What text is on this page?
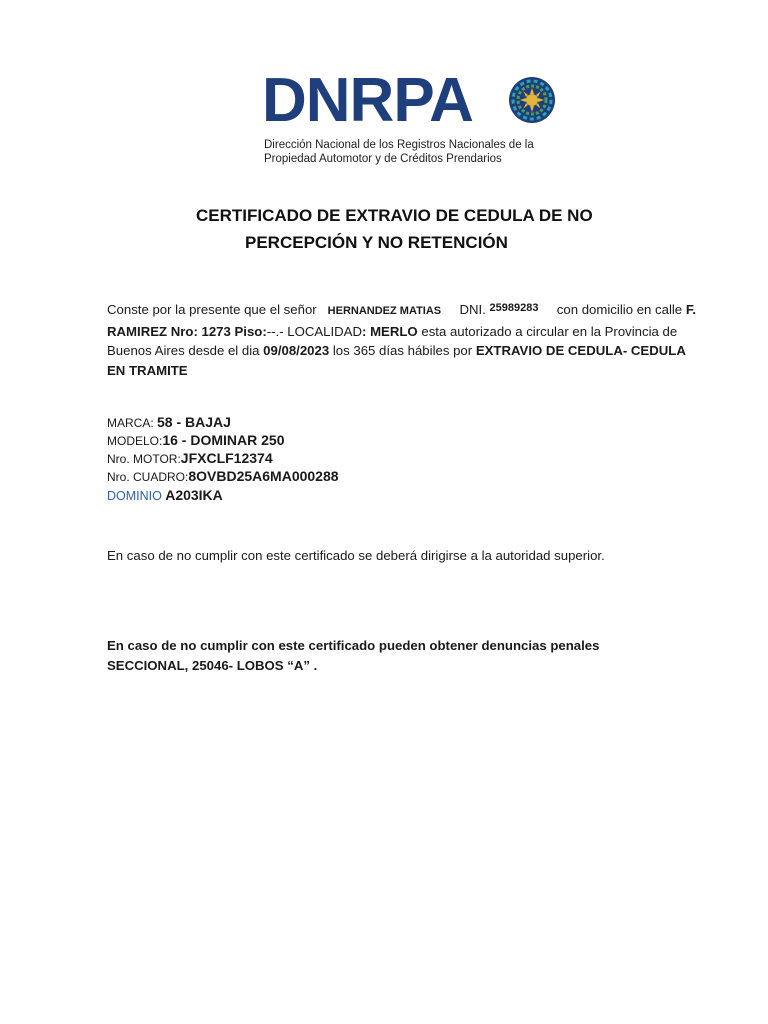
DNRPA
Dirección Nacional de los Registros Nacionales de la
Propiedad Automotor y de Créditos Prendarios
CERTIFICADO DE EXTRAVIO DE CEDULA DE NO
PERCEPCIÓN Y NO RETENCIÓN
Conste por la presente que el señor HERNANDEZ MATIAS DNI. $^{25989283}$ con domicilio en calle F. RAMIREZ Nro: 1273 Piso:--.- LOCALIDAD: MERLO esta autorizado a circular en la Provincia de Buenos Aires desde el dia 09/08/2023 los 365 días hábiles por EXTRAVIO DE CEDULA- CEDULA EN TRAMITE
MARCA: 58 - BAJAJ
MODELO:16 - DOMINAR 250
Nro. MOTOR:JFXCLF12374
Nro. CUADRO:8OVBD25A6MA000288
DOMINIO A203IKA
En caso de no cumplir con este certificado se deberá dirigirse a la autoridad superior.
En caso de no cumplir con este certificado pueden obtener denuncias penales
SECCIONAL, 25046- LOBOS “A” .
